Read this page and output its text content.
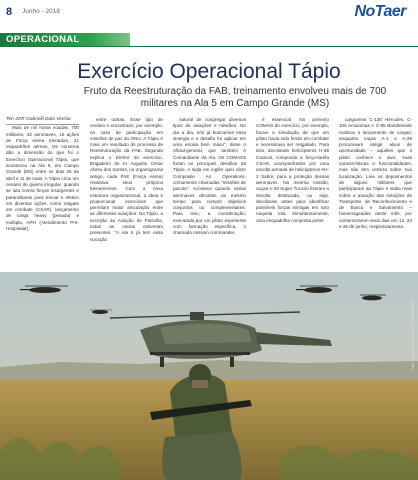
8 Junho - 2018	NoTaer
OPERACIONAL
Exercício Operacional Tápio
Fruto da Reestruturação da FAB, treinamento envolveu mais de 700 militares na Ala 5 em Campo Grande (MS)

Ten JOR Gabrielli Dala Vechia

Mais de mil horas voadas, 700 militares, 42 aeronaves, 16 ações de Força Aérea treinadas, 21 esquadrões aéreos. Os números dão a dimensão do que foi o Exercício Operacional Tápio, que aconteceu na Ala 5, em Campo Grande (MS) entre os dias 25 de abril e 11 de maio. A Tápio criou um cenário de guerra irregular, quando se luta contra forças insurgentes e paramilitares para treinar o efetivo em diversas ações, como resgate em combate (CSAR), lançamento de carga heavy (pesada) e múltipla, APH (Atendimento Pré-Hospitalar),

entre outras. Esse tipo de cenário é encontrado, por exemplo, no caso de participação em missões de paz da ONU. A Tápio é mais um resultado do processo de Reestruturação da FAB. Segundo explica o Diretor do exercício, Brigadeiro do Ar Augusto Cesar Abreu dos Santos, no organograma antigo, cada FAE (Força Aérea) realizava seus próprios treinamentos. Com a nova estrutura organizacional, a ideia é proporcionar exercícios que permitam maior articulação entre as diferentes aviações. Na Tápio, a exceção da Aviação de Patrulha, todas as outras estiveram presentes. "A Ala 5 já tem essa vocação

natural de congregar diversos tipos de aviações e missões. No dia a dia, nós já buscamos essa sinergia e o desafio foi aplicar em uma escala bem maior", disse o oficial-general, que também é Comandante da Ala. Os COMAOs foram os principais desafios da Tápio. A sigla em inglês quer dizer Composite Air Operations, comumente chamadas "missões de pacote". Acontece quando várias aeronaves decolam ao mesmo tempo para cumprir objetivos conjuntos ou complementares. Para isso, a coordenação, executada por um piloto experiente com formação específica, o chamado mission commander,

é essencial. No primeiro COMAO do exercício, por exemplo, houve a simulação de que um piloto havia sido ferido em combate e necessitava ser resgatado. Para isso, decolaram helicópteros H-36 Caracal, compondo a força-tarefa CSAR, acompanhados por uma escolta armada de helicópteros AH-2 Sabre, para a proteção dessas aeronaves. Na mesma missão, caças A-29 Super Tucano fizeram a escolta destacada, ou seja, decolaram antes para identificar possíveis forças inimigas em solo naquela rota. Simultaneamente, uma esquadrilha composta pelos

cargueiros C-130 Hércules, C-105 Amazonas e C-95 Bandeirante realizou o lançamento de cargas; enquanto caças A-1 e A-29 procuravam atingir alvos de oportunidade – aqueles que o piloto conhece o alvo, suas características e funcionalidades, mas não tem certeza sobre sua localização. Leia os depoimentos de alguns militares que participaram da Tápio e saiba mais sobre a atuação das Aviações de Transporte, de Reconhecimento e de Busca e Salvamento – homenageadas deste mês, por comemorarem seus dias em 12, 24 e 26 de junho, respectivamente.

Foto: Sgt Bruno Batista / CECOMSAER
